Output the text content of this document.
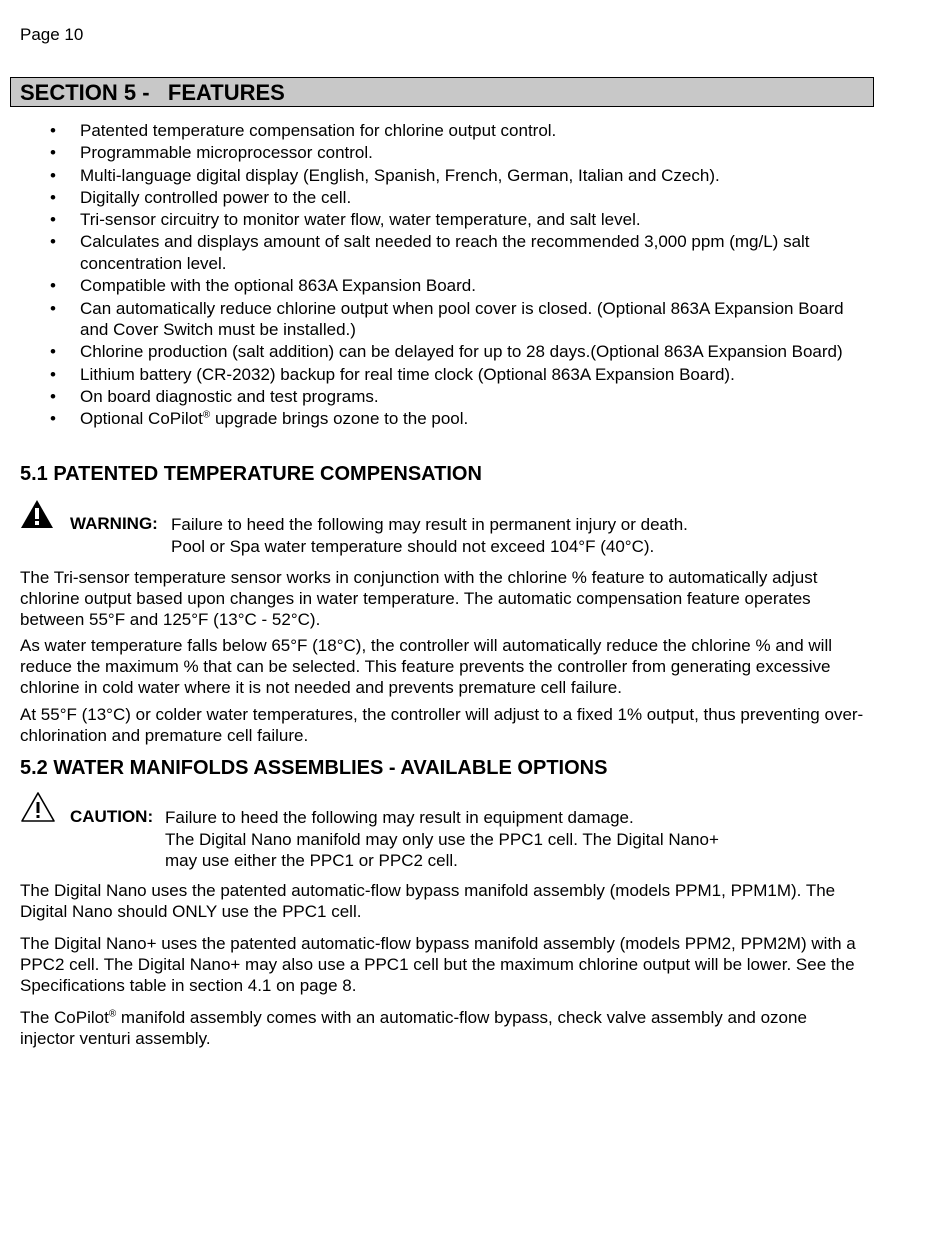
Page 10
SECTION 5 -   FEATURES
• Patented temperature compensation for chlorine output control.
• Programmable microprocessor control.
• Multi-language digital display (English, Spanish, French, German, Italian and Czech).
• Digitally controlled power to the cell.
• Tri-sensor circuitry to monitor water flow, water temperature, and salt level.
• Calculates and displays amount of salt needed to reach the recommended 3,000 ppm (mg/L) salt concentration level.
• Compatible with the optional 863A Expansion Board.
• Can automatically reduce chlorine output when pool cover is closed. (Optional 863A Expansion Board and Cover Switch must be installed.)
• Chlorine production (salt addition) can be delayed for up to 28 days.(Optional 863A Expansion Board)
• Lithium battery (CR-2032) backup for real time clock (Optional 863A Expansion Board).
• On board diagnostic and test programs.
• Optional CoPilot® upgrade brings ozone to the pool.
5.1 PATENTED TEMPERATURE COMPENSATION
WARNING: Failure to heed the following may result in permanent injury or death.
Pool or Spa water temperature should not exceed 104°F (40°C).

The Tri-sensor temperature sensor works in conjunction with the chlorine % feature to automatically adjust chlorine output based upon changes in water temperature. The automatic compensation feature operates between 55°F and 125°F (13°C - 52°C).

As water temperature falls below 65°F (18°C), the controller will automatically reduce the chlorine % and will reduce the maximum % that can be selected. This feature prevents the controller from generating excessive chlorine in cold water where it is not needed and prevents premature cell failure.

At 55°F (13°C) or colder water temperatures, the controller will adjust to a fixed 1% output, thus preventing over-chlorination and premature cell failure.

5.2 WATER MANIFOLDS ASSEMBLIES - AVAILABLE OPTIONS
CAUTION: Failure to heed the following may result in equipment damage.
The Digital Nano manifold may only use the PPC1 cell. The Digital Nano+
may use either the PPC1 or PPC2 cell.

The Digital Nano uses the patented automatic-flow bypass manifold assembly (models PPM1, PPM1M). The Digital Nano should ONLY use the PPC1 cell.

The Digital Nano+ uses the patented automatic-flow bypass manifold assembly (models PPM2, PPM2M) with a PPC2 cell. The Digital Nano+ may also use a PPC1 cell but the maximum chlorine output will be lower. See the Specifications table in section 4.1 on page 8.

The CoPilot® manifold assembly comes with an automatic-flow bypass, check valve assembly and ozone injector venturi assembly.
